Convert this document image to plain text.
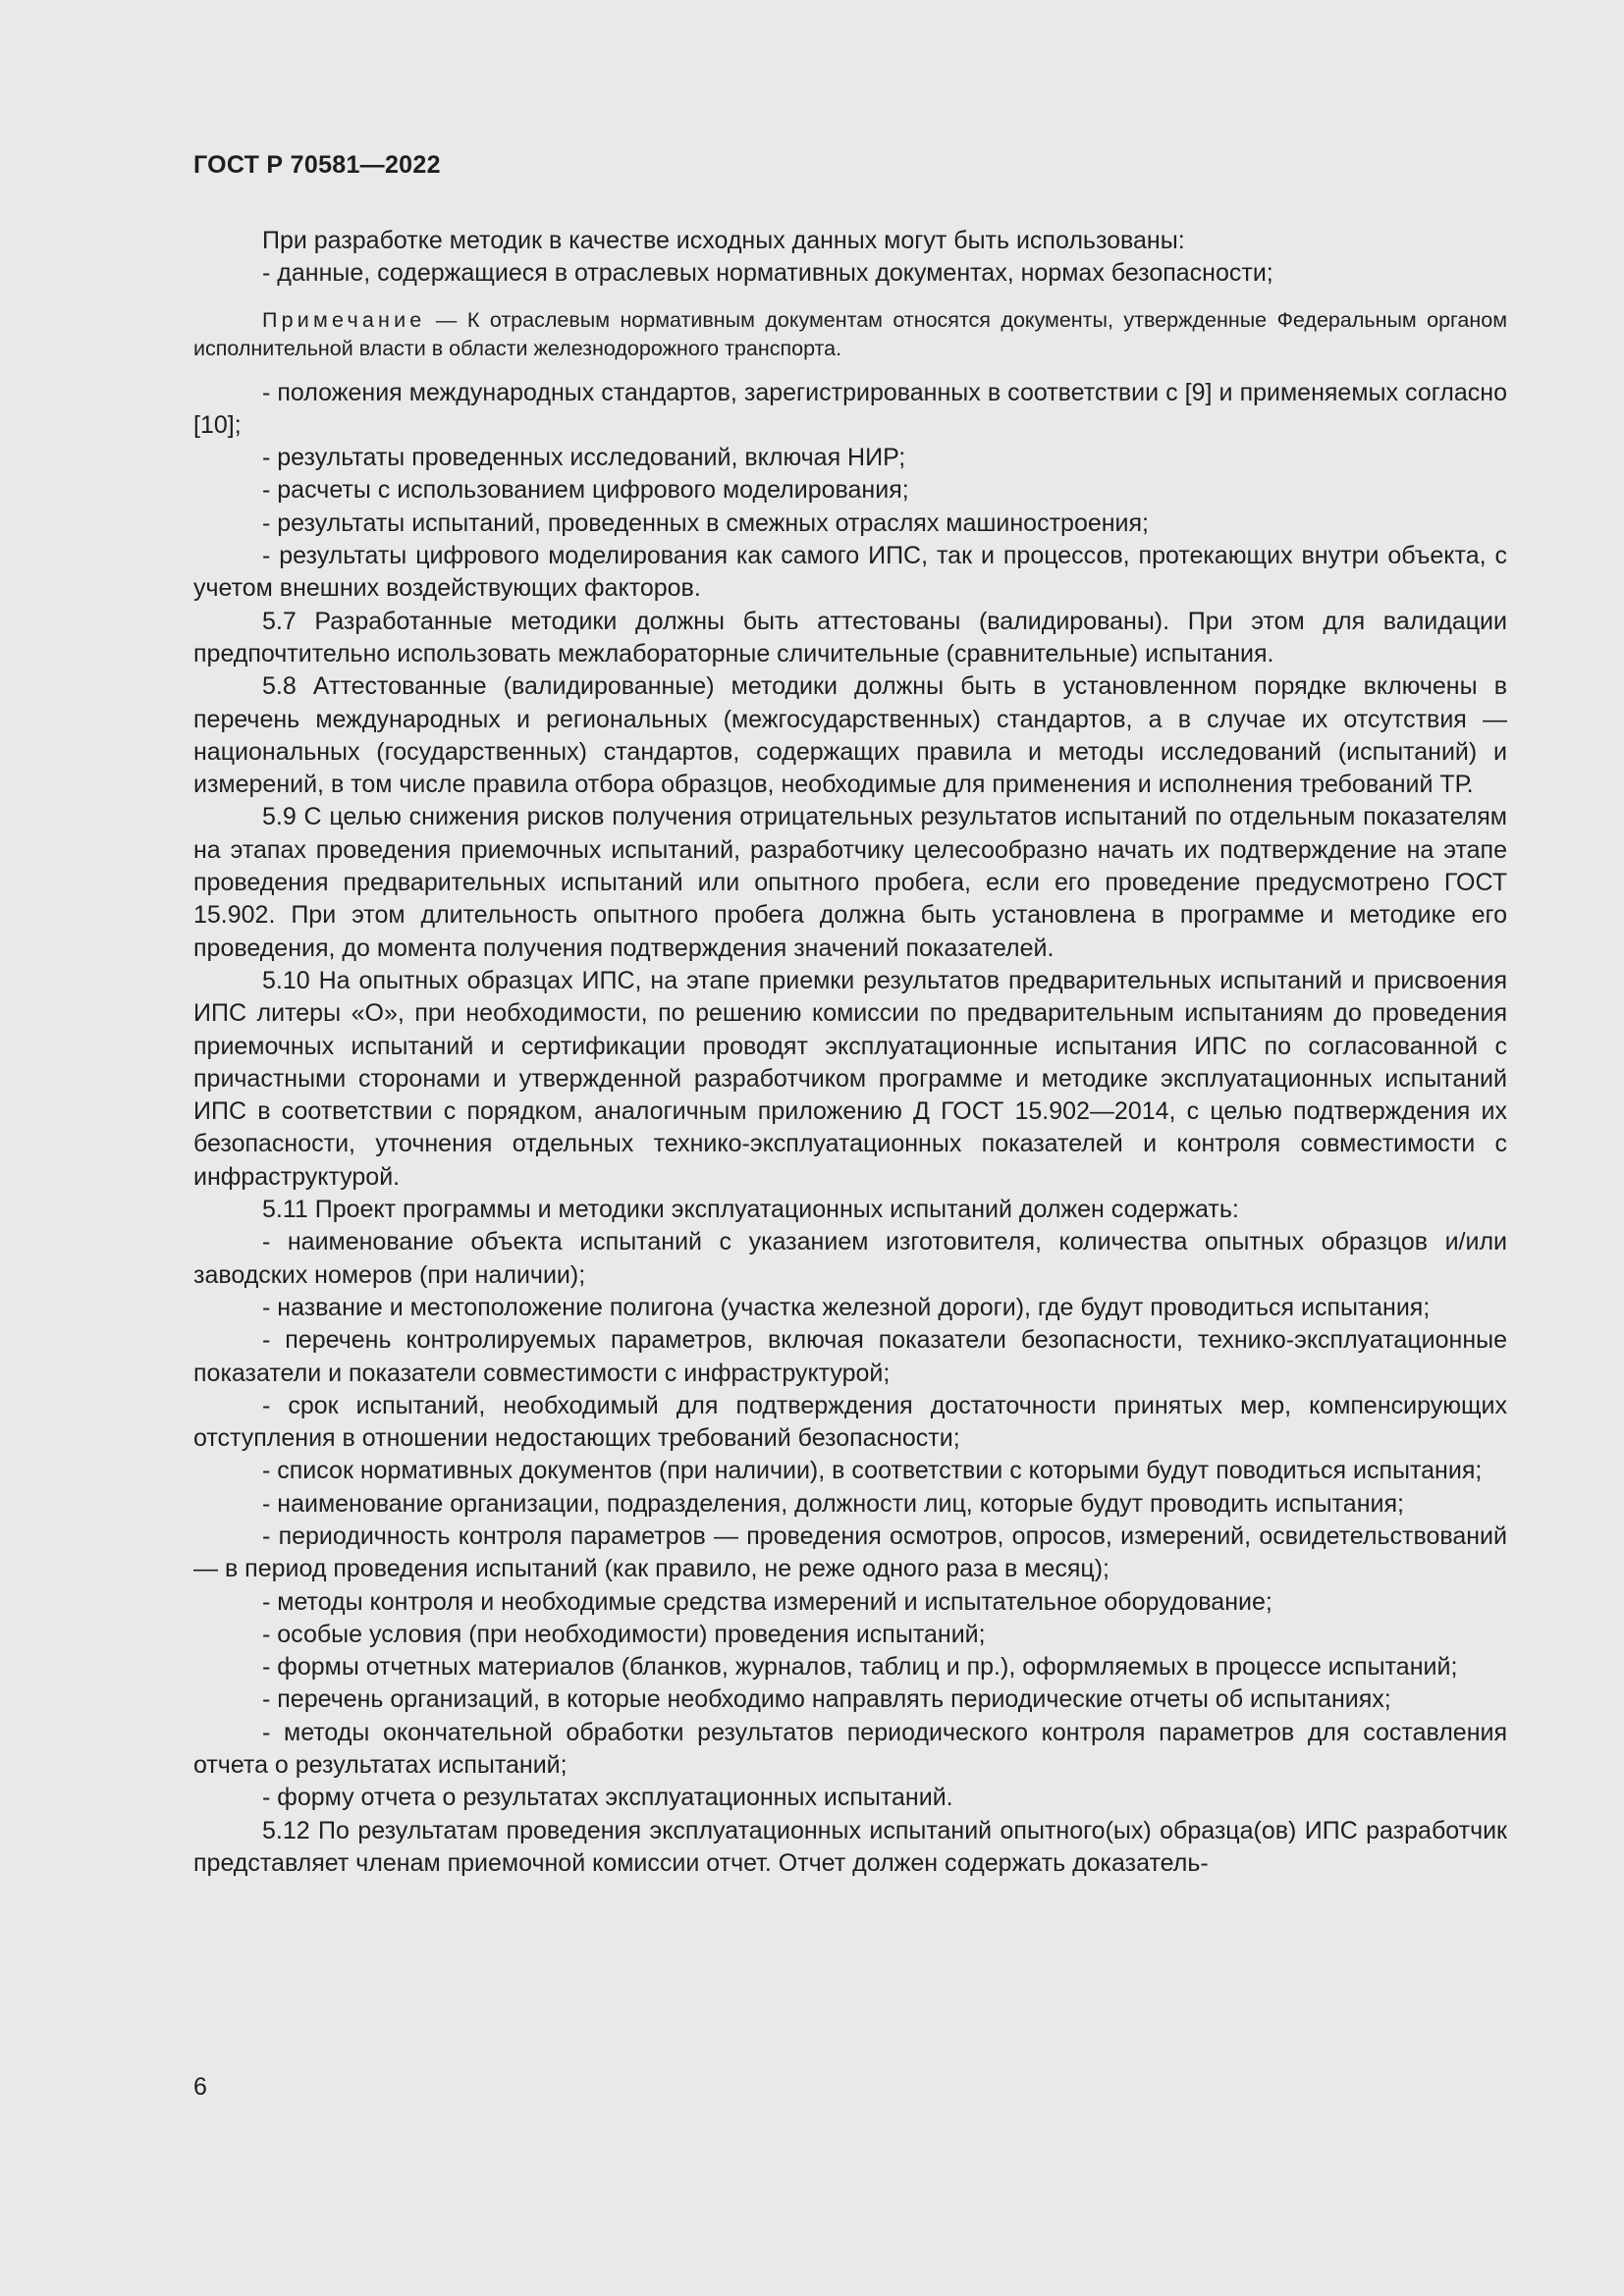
ГОСТ Р 70581—2022

При разработке методик в качестве исходных данных могут быть использованы:

- данные, содержащиеся в отраслевых нормативных документах, нормах безопасности;

Примечание — К отраслевым нормативным документам относятся документы, утвержденные Федеральным органом исполнительной власти в области железнодорожного транспорта.

- положения международных стандартов, зарегистрированных в соответствии с [9] и применяемых согласно [10];

- результаты проведенных исследований, включая НИР;

- расчеты с использованием цифрового моделирования;

- результаты испытаний, проведенных в смежных отраслях машиностроения;

- результаты цифрового моделирования как самого ИПС, так и процессов, протекающих внутри объекта, с учетом внешних воздействующих факторов.

5.7 Разработанные методики должны быть аттестованы (валидированы). При этом для валидации предпочтительно использовать межлабораторные сличительные (сравнительные) испытания.

5.8 Аттестованные (валидированные) методики должны быть в установленном порядке включены в перечень международных и региональных (межгосударственных) стандартов, а в случае их отсутствия — национальных (государственных) стандартов, содержащих правила и методы исследований (испытаний) и измерений, в том числе правила отбора образцов, необходимые для применения и исполнения требований ТР.

5.9 С целью снижения рисков получения отрицательных результатов испытаний по отдельным показателям на этапах проведения приемочных испытаний, разработчику целесообразно начать их подтверждение на этапе проведения предварительных испытаний или опытного пробега, если его проведение предусмотрено ГОСТ 15.902. При этом длительность опытного пробега должна быть установлена в программе и методике его проведения, до момента получения подтверждения значений показателей.

5.10 На опытных образцах ИПС, на этапе приемки результатов предварительных испытаний и присвоения ИПС литеры «О», при необходимости, по решению комиссии по предварительным испытаниям до проведения приемочных испытаний и сертификации проводят эксплуатационные испытания ИПС по согласованной с причастными сторонами и утвержденной разработчиком программе и методике эксплуатационных испытаний ИПС в соответствии с порядком, аналогичным приложению Д ГОСТ 15.902—2014, с целью подтверждения их безопасности, уточнения отдельных технико-эксплуатационных показателей и контроля совместимости с инфраструктурой.

5.11 Проект программы и методики эксплуатационных испытаний должен содержать:

- наименование объекта испытаний с указанием изготовителя, количества опытных образцов и/или заводских номеров (при наличии);

- название и местоположение полигона (участка железной дороги), где будут проводиться испытания;

- перечень контролируемых параметров, включая показатели безопасности, технико-эксплуатационные показатели и показатели совместимости с инфраструктурой;

- срок испытаний, необходимый для подтверждения достаточности принятых мер, компенсирующих отступления в отношении недостающих требований безопасности;

- список нормативных документов (при наличии), в соответствии с которыми будут поводиться испытания;

- наименование организации, подразделения, должности лиц, которые будут проводить испытания;

- периодичность контроля параметров — проведения осмотров, опросов, измерений, освидетельствований — в период проведения испытаний (как правило, не реже одного раза в месяц);

- методы контроля и необходимые средства измерений и испытательное оборудование;

- особые условия (при необходимости) проведения испытаний;

- формы отчетных материалов (бланков, журналов, таблиц и пр.), оформляемых в процессе испытаний;

- перечень организаций, в которые необходимо направлять периодические отчеты об испытаниях;

- методы окончательной обработки результатов периодического контроля параметров для составления отчета о результатах испытаний;

- форму отчета о результатах эксплуатационных испытаний.

5.12 По результатам проведения эксплуатационных испытаний опытного(ых) образца(ов) ИПС разработчик представляет членам приемочной комиссии отчет. Отчет должен содержать доказатель-

6
